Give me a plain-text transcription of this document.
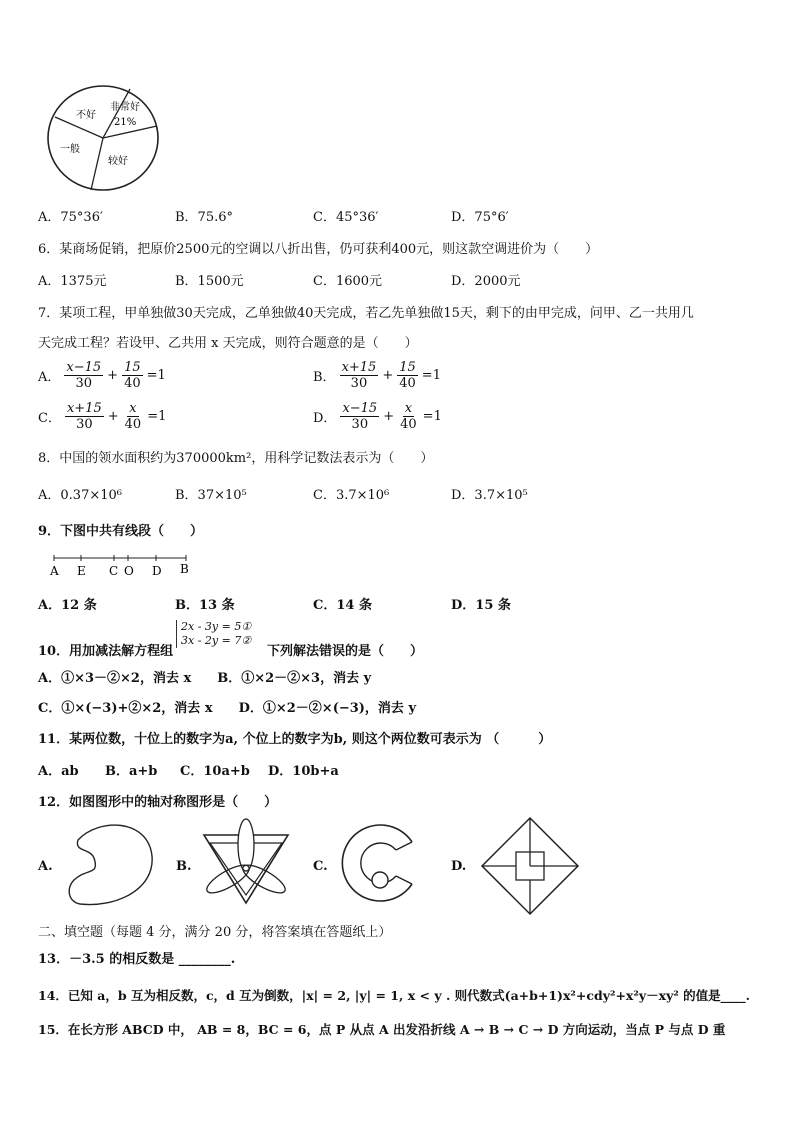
不好
非常好
21%
一般
较好
A．75°36′	B．75.6°	C．45°36′	D．75°6′
6．某商场促销，把原价2500元的空调以八折出售，仍可获利400元，则这款空调进价为（　　）
A．1375元	B．1500元	C．1600元	D．2000元
7．某项工程，甲单独做30天完成，乙单独做40天完成，若乙先单独做15天，剩下的由甲完成，问甲、乙一共用几
天完成工程？若设甲、乙共用 x 天完成，则符合题意的是（　　）
A． $\frac{x-15}{30} + \frac{15}{40} =1$	B． $\frac{x+15}{30} + \frac{15}{40} =1$
C． $\frac{x+15}{30} + \frac{x}{40} =1$	D． $\frac{x-15}{30} + \frac{x}{40} =1$
8．中国的领水面积约为370000km²，用科学记数法表示为（　　）
A．0.37×10⁶	B．37×10⁵	C．3.7×10⁶	D．3.7×10⁵
9．下图中共有线段（　　）
A E C O D B
A．12 条	B．13 条	C．14 条	D．15 条
10．用加减法解方程组
2x - 3y = 5①
3x - 2y = 7②
下列解法错误的是（　　）
A．①×3－②×2，消去 x　　B．①×2－②×3，消去 y
C．①×(−3)+②×2，消去 x　　D．①×2－②×(−3)，消去 y
11．某两位数，十位上的数字为a, 个位上的数字为b, 则这个两位数可表示为 （　　　）
A．ab B．a+b C．10a+b D．10b+a
12．如图图形中的轴对称图形是（　　）
A.	B.	C.	D.
二、填空题（每题 4 分，满分 20 分，将答案填在答题纸上）
13．－3.5 的相反数是 ________.
14．已知 a，b 互为相反数，c，d 互为倒数，|x| = 2, |y| = 1, x < y . 则代数式(a+b+1)x²+cdy²+x²y－xy² 的值是____.
15．在长方形 ABCD 中， AB = 8，BC = 6，点 P 从点 A 出发沿折线 A → B → C → D 方向运动，当点 P 与点 D 重
